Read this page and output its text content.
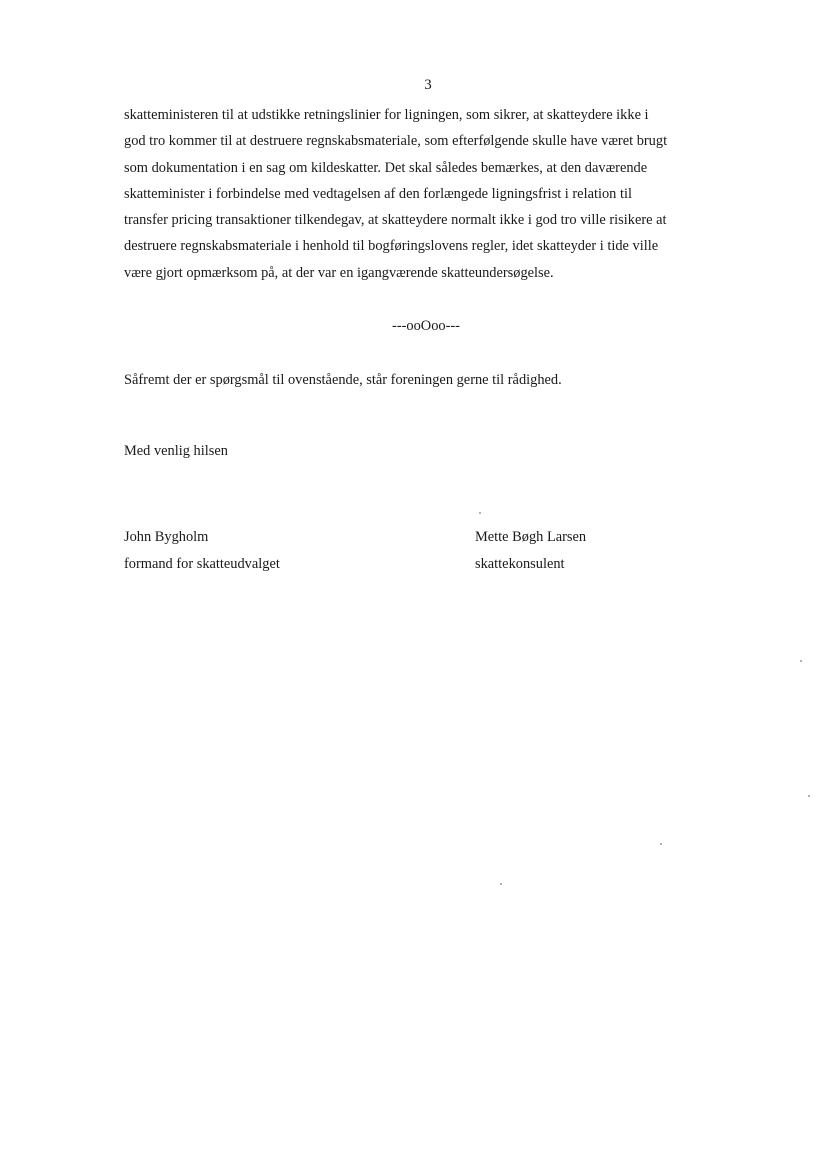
3

skatteministeren til at udstikke retningslinier for ligningen, som sikrer, at skatteydere ikke i
god tro kommer til at destruere regnskabsmateriale, som efterfølgende skulle have været brugt
som dokumentation i en sag om kildeskatter. Det skal således bemærkes, at den daværende
skatteminister i forbindelse med vedtagelsen af den forlængede ligningsfrist i relation til
transfer pricing transaktioner tilkendegav, at skatteydere normalt ikke i god tro ville risikere at
destruere regnskabsmateriale i henhold til bogføringslovens regler, idet skatteyder i tide ville
være gjort opmærksom på, at der var en igangværende skatteundersøgelse.

---ooOoo---
Såfremt der er spørgsmål til ovenstående, står foreningen gerne til rådighed.
Med venlig hilsen
John Bygholm
formand for skatteudvalget
Mette Bøgh Larsen
skattekonsulent
